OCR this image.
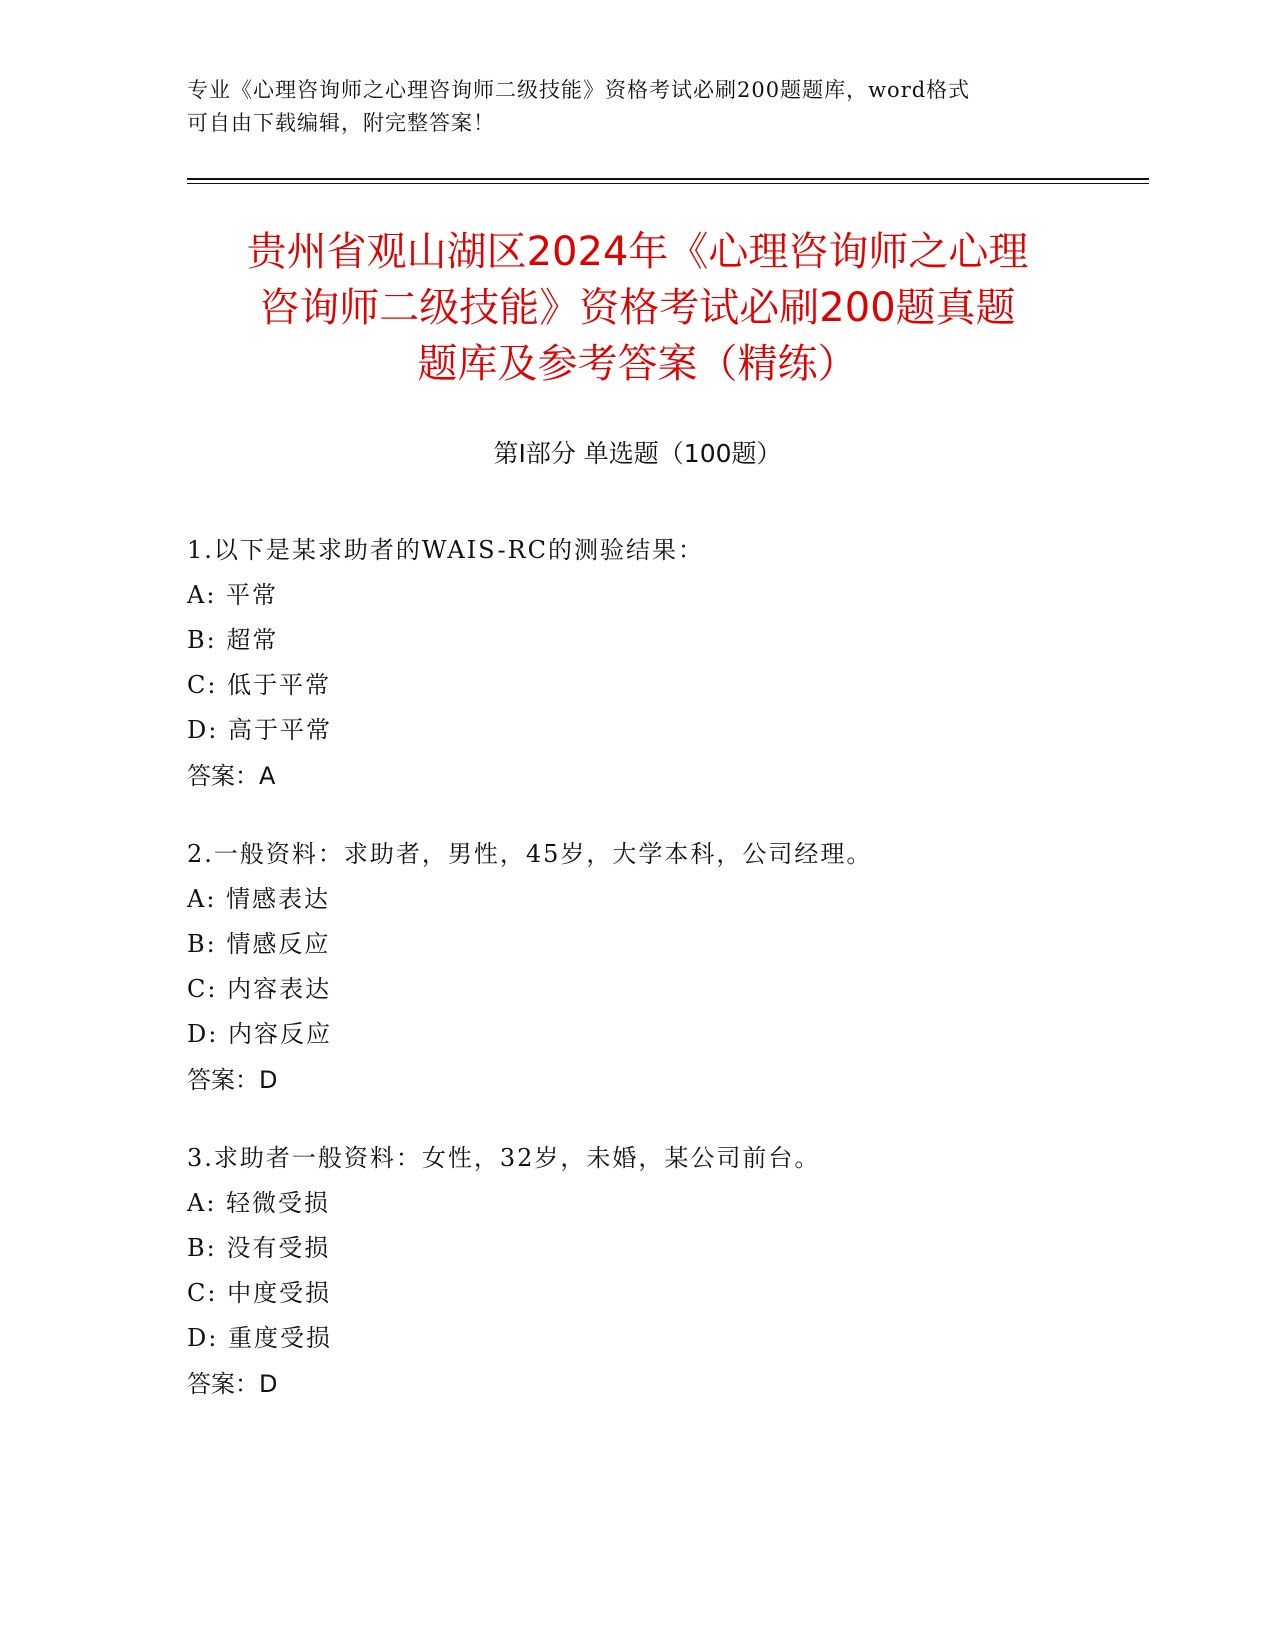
专业《心理咨询师之心理咨询师二级技能》资格考试必刷200题题库，word格式
可自由下载编辑，附完整答案！
贵州省观山湖区2024年《心理咨询师之心理
咨询师二级技能》资格考试必刷200题真题
题库及参考答案（精练）
第I部分 单选题（100题）
1.以下是某求助者的WAIS-RC的测验结果：
A: 平常
B: 超常
C: 低于平常
D: 高于平常
答案：A
2.一般资料：求助者，男性，45岁，大学本科，公司经理。
A: 情感表达
B: 情感反应
C: 内容表达
D: 内容反应
答案：D
3.求助者一般资料：女性，32岁，未婚，某公司前台。
A: 轻微受损
B: 没有受损
C: 中度受损
D: 重度受损
答案：D
